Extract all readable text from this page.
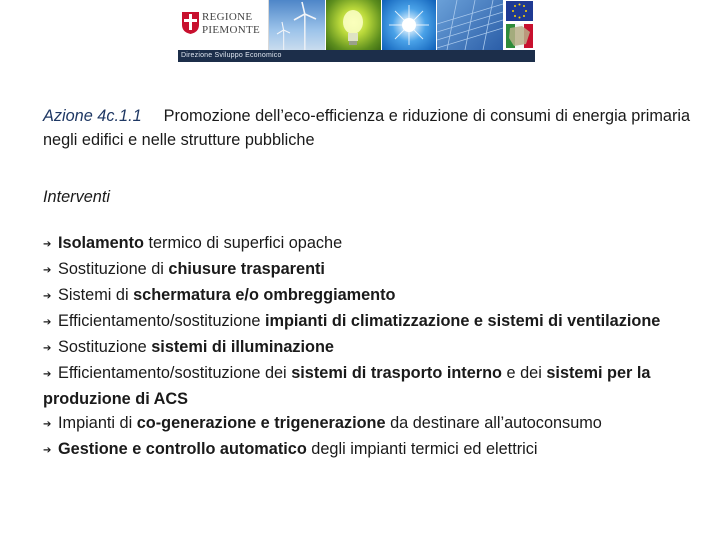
REGIONE
PIEMONTE
Direzione Sviluppo Economico
Azione 4c.1.1 Promozione dell’eco-efficienza e riduzione di consumi di energia primaria negli edifici e nelle strutture pubbliche
Interventi
➔ Isolamento termico di superfici opache
➔ Sostituzione di chiusure trasparenti
➔ Sistemi di schermatura e/o ombreggiamento
➔ Efficientamento/sostituzione impianti di climatizzazione e sistemi di ventilazione
➔ Sostituzione sistemi di illuminazione
➔ Efficientamento/sostituzione dei sistemi di trasporto interno e dei sistemi per la produzione di ACS
➔ Impianti di co-generazione e trigenerazione da destinare all’autoconsumo
➔ Gestione e controllo automatico degli impianti termici ed elettrici
